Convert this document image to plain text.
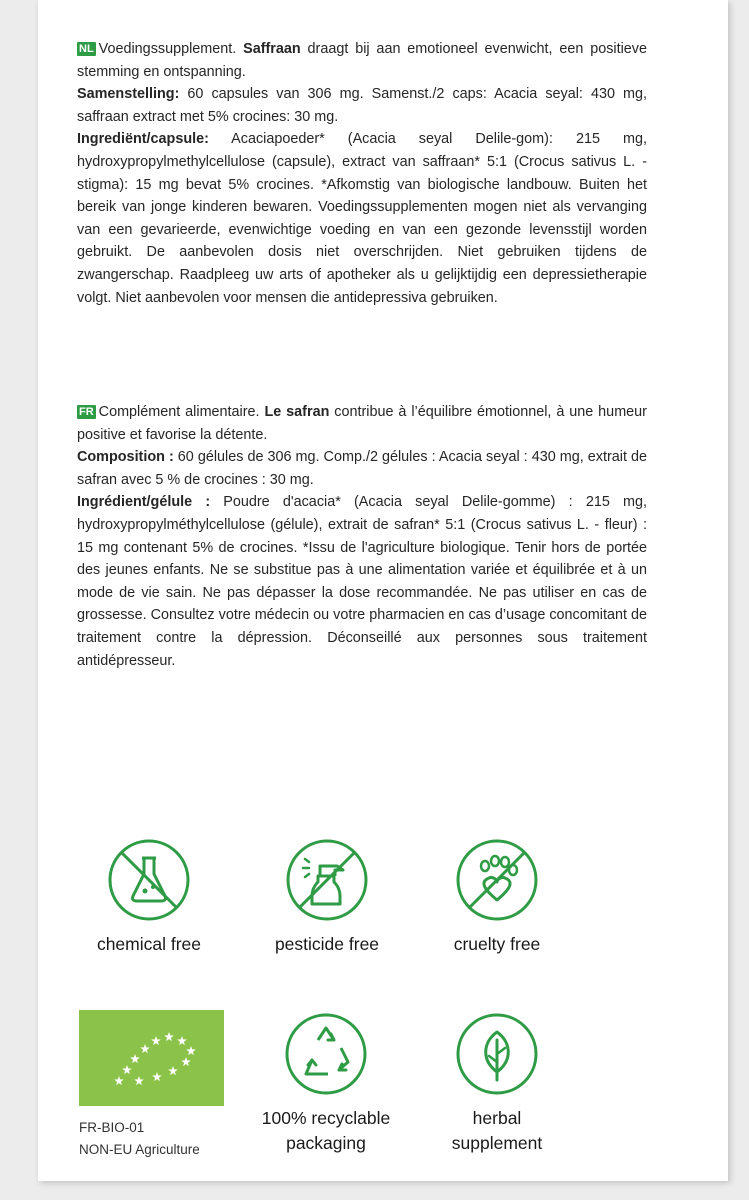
NL Voedingssupplement. Saffraan draagt bij aan emotioneel evenwicht, een positieve stemming en ontspanning.
Samenstelling: 60 capsules van 306 mg. Samenst./2 caps: Acacia seyal: 430 mg, saffraan extract met 5% crocines: 30 mg.
Ingrediënt/capsule: Acaciapoeder* (Acacia seyal Delile-gom): 215 mg, hydroxypropylmethylcellulose (capsule), extract van saffraan* 5:1 (Crocus sativus L. - stigma): 15 mg bevat 5% crocines. *Afkomstig van biologische landbouw. Buiten het bereik van jonge kinderen bewaren. Voedingssupplementen mogen niet als vervanging van een gevarieerde, evenwichtige voeding en van een gezonde levensstijl worden gebruikt. De aanbevolen dosis niet overschrijden. Niet gebruiken tijdens de zwangerschap. Raadpleeg uw arts of apotheker als u gelijktijdig een depressietherapie volgt. Niet aanbevolen voor mensen die antidepressiva gebruiken.
FR Complément alimentaire. Le safran contribue à l’équilibre émotionnel, à une humeur positive et favorise la détente.
Composition : 60 gélules de 306 mg. Comp./2 gélules : Acacia seyal : 430 mg, extrait de safran avec 5 % de crocines : 30 mg.
Ingrédient/gélule : Poudre d'acacia* (Acacia seyal Delile-gomme) : 215 mg, hydroxypropylméthylcellulose (gélule), extrait de safran* 5:1 (Crocus sativus L. - fleur) : 15 mg contenant 5% de crocines. *Issu de l'agriculture biologique. Tenir hors de portée des jeunes enfants. Ne se substitue pas à une alimentation variée et équilibrée et à un mode de vie sain. Ne pas dépasser la dose recommandée. Ne pas utiliser en cas de grossesse. Consultez votre médecin ou votre pharmacien en cas d’usage concomitant de traitement contre la dépression. Déconseillé aux personnes sous traitement antidépresseur.
chemical free	pesticide free	cruelty free
FR-BIO-01
NON-EU Agriculture
100% recyclable
packaging
herbal
supplement
